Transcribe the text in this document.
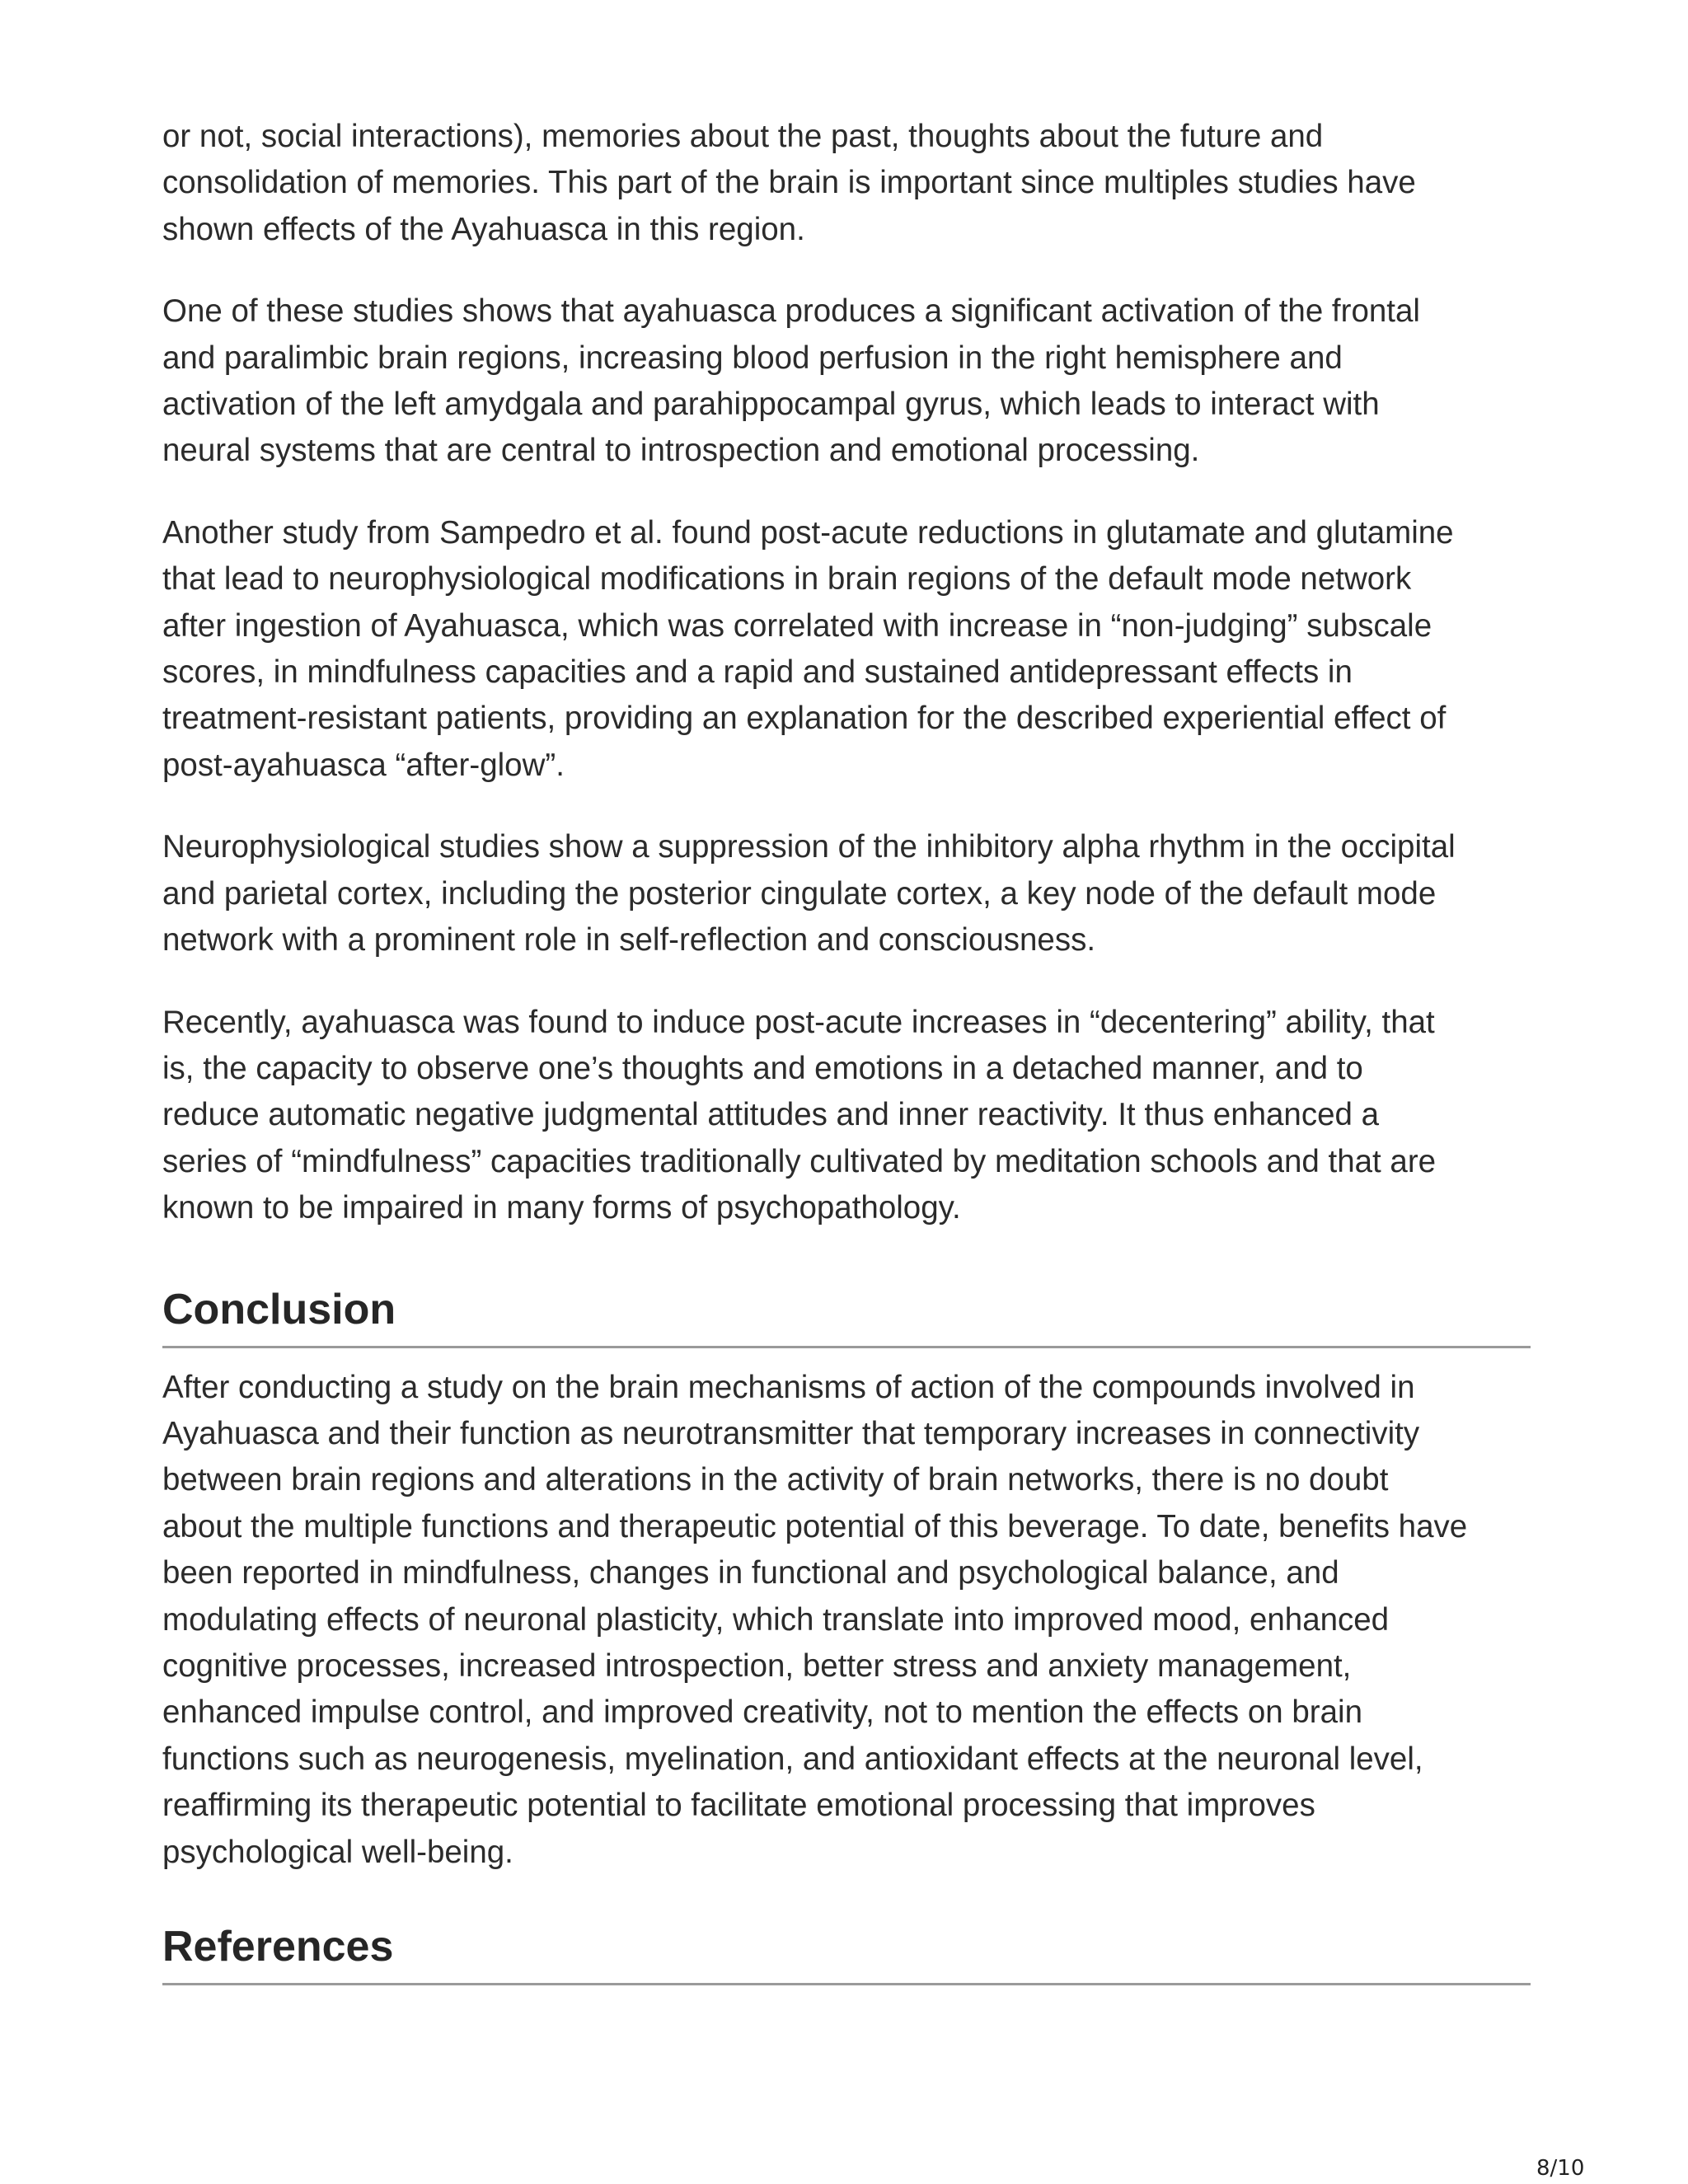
or not, social interactions), memories about the past, thoughts about the future and
consolidation of memories. This part of the brain is important since multiples studies have
shown effects of the Ayahuasca in this region.

One of these studies shows that ayahuasca produces a significant activation of the frontal
and paralimbic brain regions, increasing blood perfusion in the right hemisphere and
activation of the left amydgala and parahippocampal gyrus, which leads to interact with
neural systems that are central to introspection and emotional processing.

Another study from Sampedro et al. found post-acute reductions in glutamate and glutamine
that lead to neurophysiological modifications in brain regions of the default mode network
after ingestion of Ayahuasca, which was correlated with increase in “non-judging” subscale
scores, in mindfulness capacities and a rapid and sustained antidepressant effects in
treatment-resistant patients, providing an explanation for the described experiential effect of
post-ayahuasca “after-glow”.

Neurophysiological studies show a suppression of the inhibitory alpha rhythm in the occipital
and parietal cortex, including the posterior cingulate cortex, a key node of the default mode
network with a prominent role in self-reflection and consciousness.

Recently, ayahuasca was found to induce post-acute increases in “decentering” ability, that
is, the capacity to observe one’s thoughts and emotions in a detached manner, and to
reduce automatic negative judgmental attitudes and inner reactivity. It thus enhanced a
series of “mindfulness” capacities traditionally cultivated by meditation schools and that are
known to be impaired in many forms of psychopathology.

Conclusion

After conducting a study on the brain mechanisms of action of the compounds involved in
Ayahuasca and their function as neurotransmitter that temporary increases in connectivity
between brain regions and alterations in the activity of brain networks, there is no doubt
about the multiple functions and therapeutic potential of this beverage. To date, benefits have
been reported in mindfulness, changes in functional and psychological balance, and
modulating effects of neuronal plasticity, which translate into improved mood, enhanced
cognitive processes, increased introspection, better stress and anxiety management,
enhanced impulse control, and improved creativity, not to mention the effects on brain
functions such as neurogenesis, myelination, and antioxidant effects at the neuronal level,
reaffirming its therapeutic potential to facilitate emotional processing that improves
psychological well-being.

References
8/10
